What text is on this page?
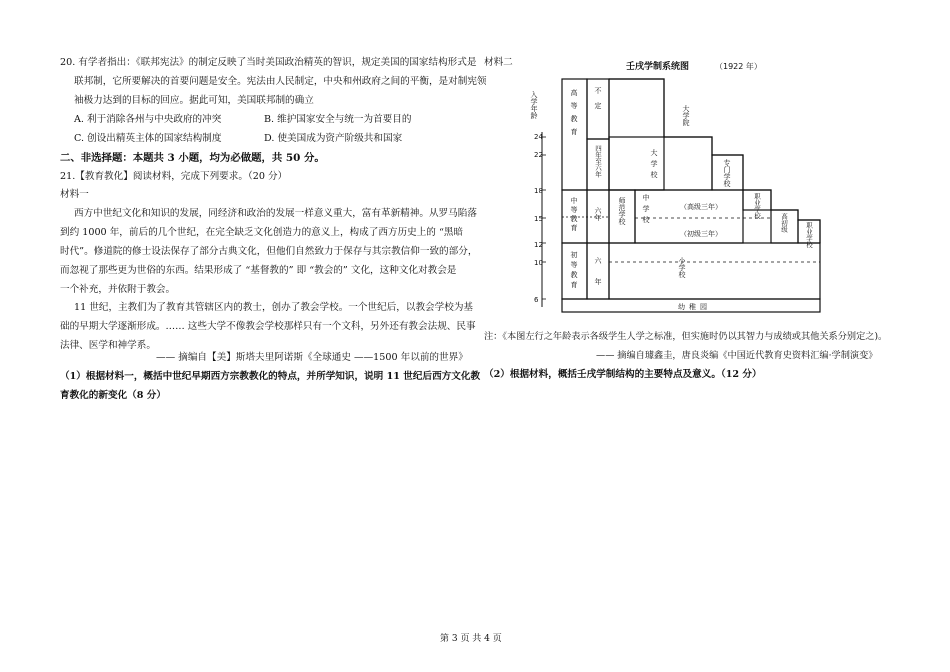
20. 有学者指出：《联邦宪法》的制定反映了当时美国政治精英的智识，规定美国的国家结构形式是
联邦制，它所要解决的首要问题是安全。宪法由人民制定，中央和州政府之间的平衡，是对制宪领
袖极力达到的目标的回应。据此可知，美国联邦制的确立
A. 利于消除各州与中央政府的冲突	B. 维护国家安全与统一为首要目的
C. 创设出精英主体的国家结构制度	D. 使美国成为资产阶级共和国家
二、非选择题：本题共 3 小题，均为必做题，共 50 分。
21.【教育教化】阅读材料，完成下列要求。（20 分）
材料一
西方中世纪文化和知识的发展，同经济和政治的发展一样意义重大，富有革新精神。从罗马陷落
到约 1000 年，前后的几个世纪，在完全缺乏文化创造力的意义上，构成了西方历史上的 “黑暗
时代”。修道院的修士设法保存了部分古典文化，但他们自然致力于保存与其宗教信仰一致的部分，
而忽视了那些更为世俗的东西。结果形成了 “基督教的” 即 “教会的” 文化，这种文化对教会是
一个补充，并依附于教会。
11 世纪，主教们为了教育其管辖区内的教士，创办了教会学校。一个世纪后，以教会学校为基
础的早期大学逐渐形成。…… 这些大学不像教会学校那样只有一个文科，另外还有教会法规、民事
法律、医学和神学系。
—— 摘编自【美】斯塔夫里阿诺斯《全球通史 ——1500 年以前的世界》
（1）根据材料一，概括中世纪早期西方宗教教化的特点，并所学知识，说明 11 世纪后西方文化教
育教化的新变化（8 分）
材料二	壬戌学制系统图	（1922 年）
入学年龄
24
22
18
15
12
10
6
高等教育
中等教育
初等教育
不定
四年至六年
六年
六年
大学院
大学校	专门学校
师范学校 中学校	（高级三年）
（初级三年）
职业学校
高初级	职业学校
小学校
幼稚园
注：《本图左行之年龄表示各级学生人学之标准，但实施时仍以其智力与成绩或其他关系分别定之)。
—— 摘编自璩鑫圭，唐良炎编《中国近代教育史资料汇编·学制演变》
（2）根据材料，概括壬戌学制结构的主要特点及意义。（12 分）
第 3 页 共 4 页
